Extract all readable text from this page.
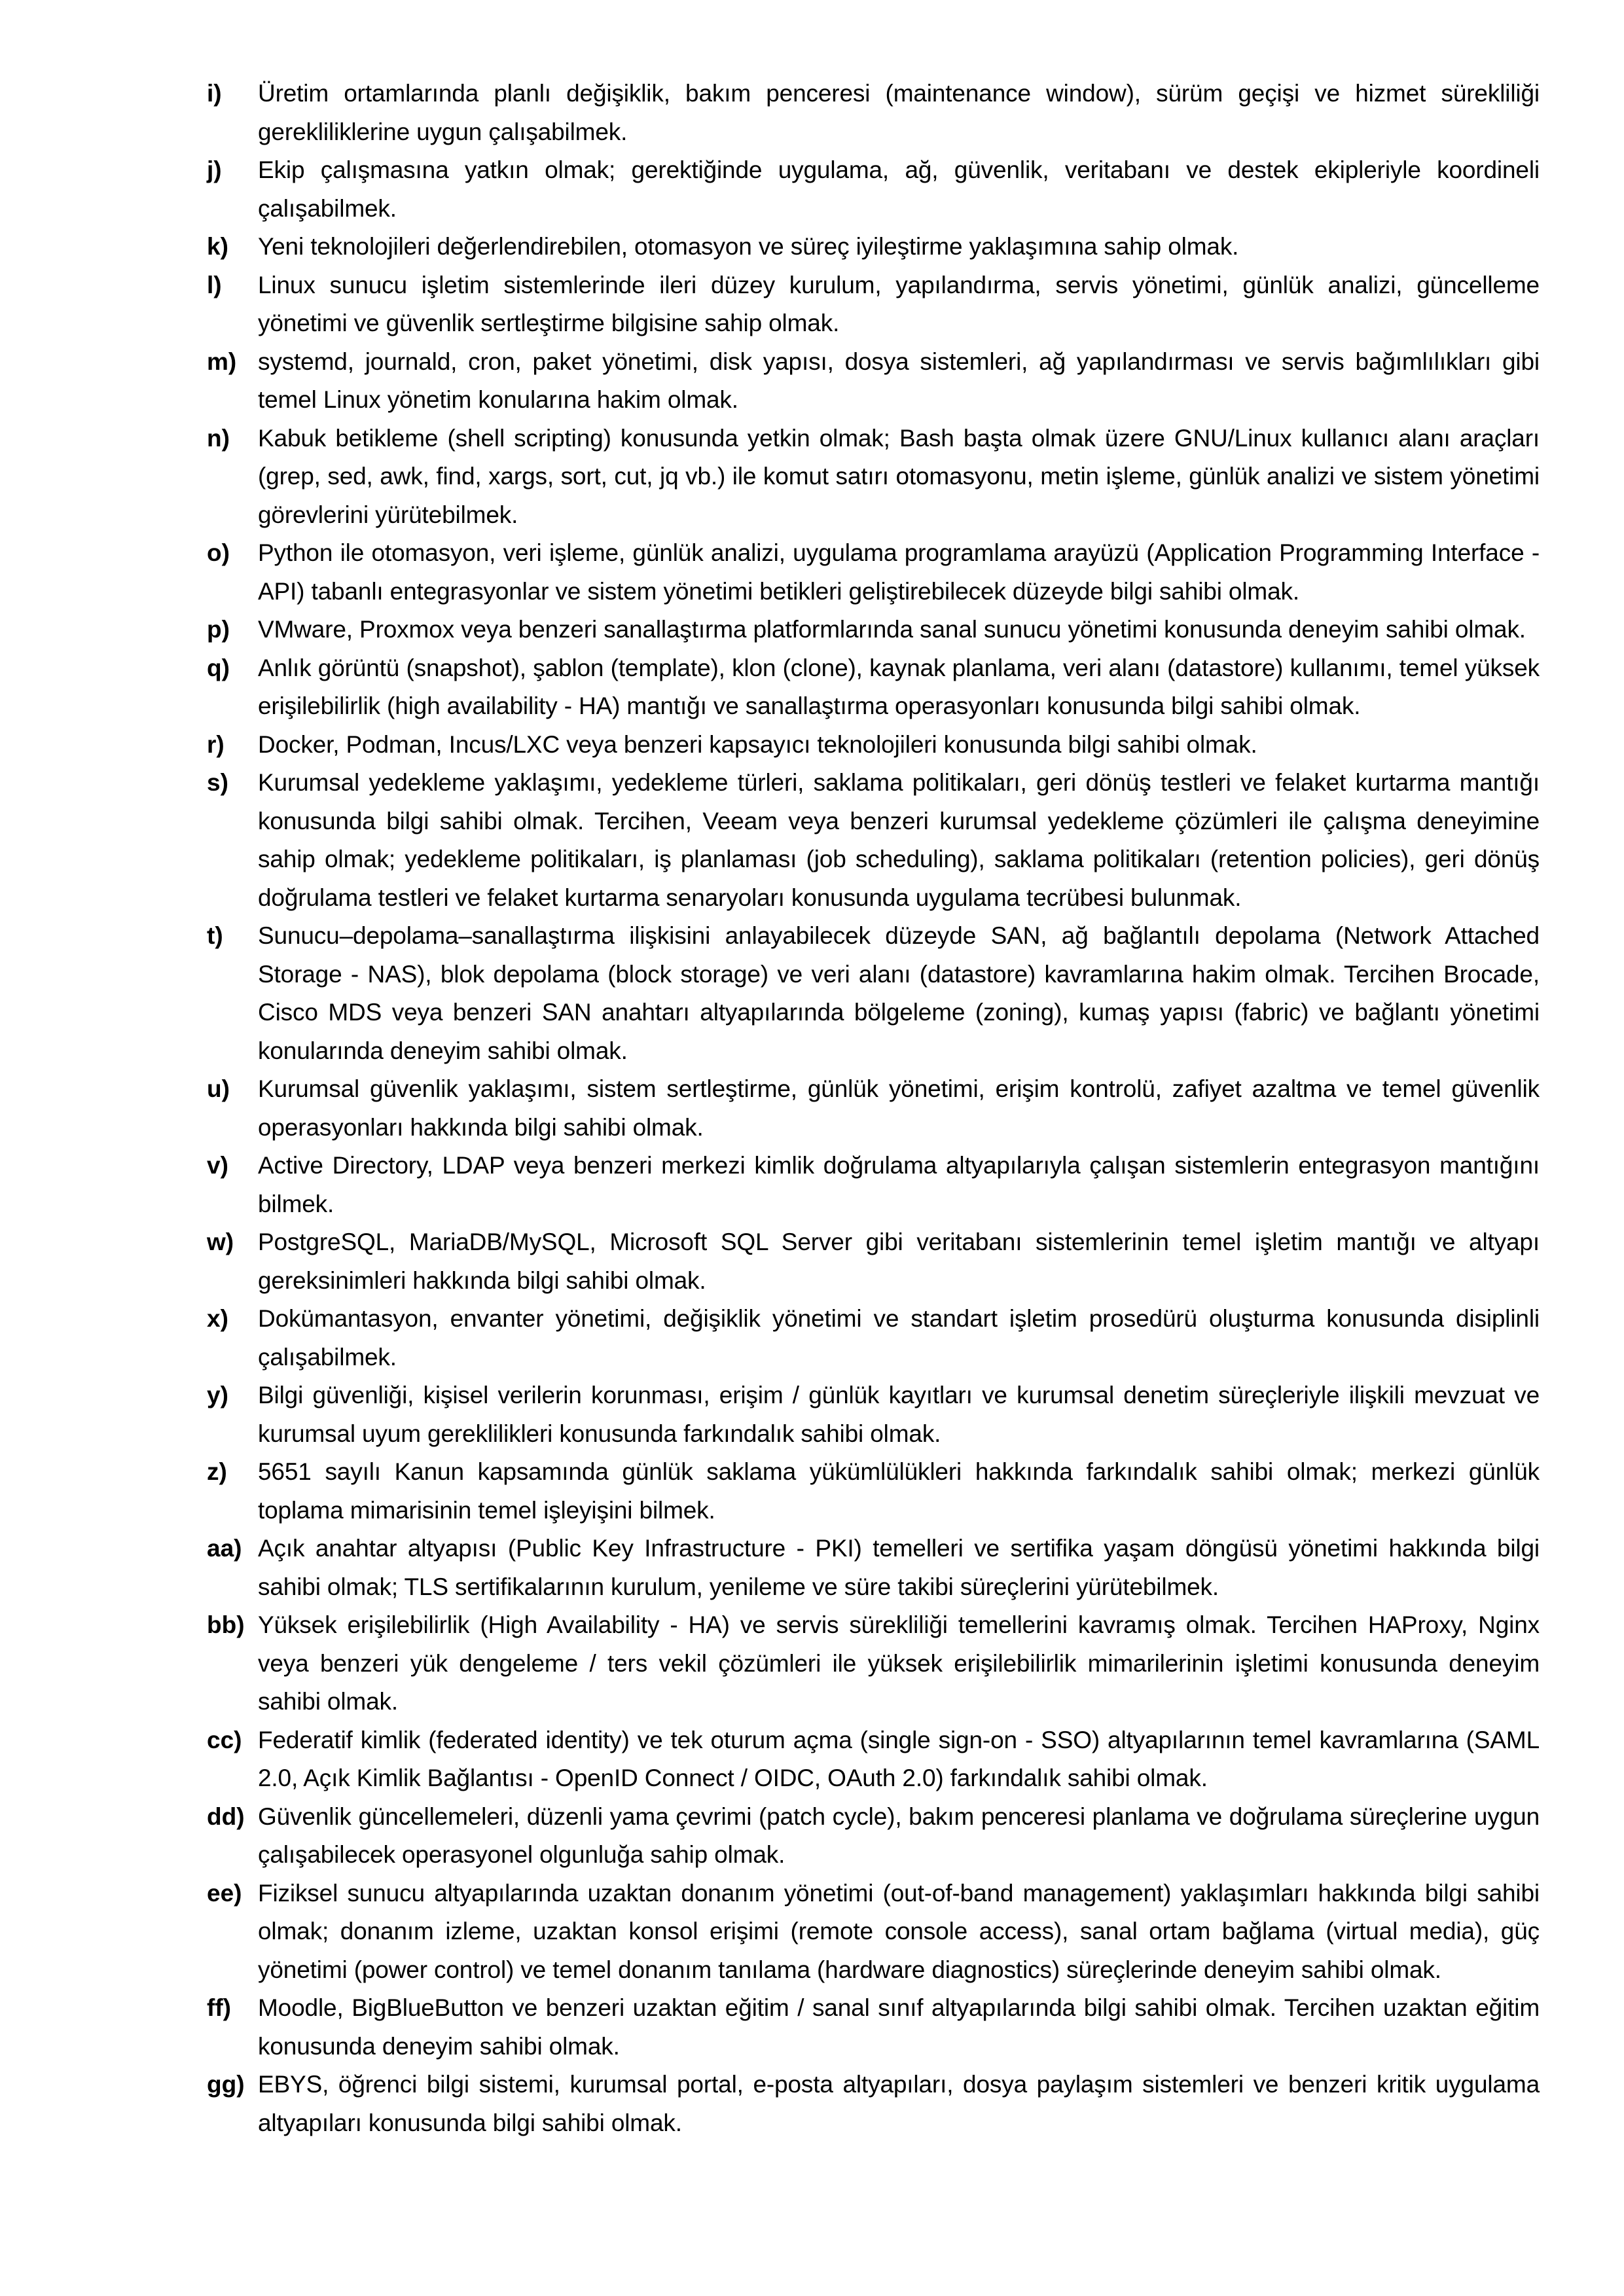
i)	Üretim ortamlarında planlı değişiklik, bakım penceresi (maintenance window), sürüm geçişi ve hizmet sürekliliği gerekliliklerine uygun çalışabilmek.
j)	Ekip çalışmasına yatkın olmak; gerektiğinde uygulama, ağ, güvenlik, veritabanı ve destek ekipleriyle koordineli çalışabilmek.
k)	Yeni teknolojileri değerlendirebilen, otomasyon ve süreç iyileştirme yaklaşımına sahip olmak.
l)	Linux sunucu işletim sistemlerinde ileri düzey kurulum, yapılandırma, servis yönetimi, günlük analizi, güncelleme yönetimi ve güvenlik sertleştirme bilgisine sahip olmak.
m) systemd, journald, cron, paket yönetimi, disk yapısı, dosya sistemleri, ağ yapılandırması ve servis bağımlılıkları gibi temel Linux yönetim konularına hakim olmak.
n)	Kabuk betikleme (shell scripting) konusunda yetkin olmak; Bash başta olmak üzere GNU/Linux kullanıcı alanı araçları (grep, sed, awk, find, xargs, sort, cut, jq vb.) ile komut satırı otomasyonu, metin işleme, günlük analizi ve sistem yönetimi görevlerini yürütebilmek.
o)	Python ile otomasyon, veri işleme, günlük analizi, uygulama programlama arayüzü (Application Programming Interface - API) tabanlı entegrasyonlar ve sistem yönetimi betikleri geliştirebilecek düzeyde bilgi sahibi olmak.
p)	VMware, Proxmox veya benzeri sanallaştırma platformlarında sanal sunucu yönetimi konusunda deneyim sahibi olmak.
q)	Anlık görüntü (snapshot), şablon (template), klon (clone), kaynak planlama, veri alanı (datastore) kullanımı, temel yüksek erişilebilirlik (high availability - HA) mantığı ve sanallaştırma operasyonları konusunda bilgi sahibi olmak.
r)	Docker, Podman, Incus/LXC veya benzeri kapsayıcı teknolojileri konusunda bilgi sahibi olmak.
s)	Kurumsal yedekleme yaklaşımı, yedekleme türleri, saklama politikaları, geri dönüş testleri ve felaket kurtarma mantığı konusunda bilgi sahibi olmak. Tercihen, Veeam veya benzeri kurumsal yedekleme çözümleri ile çalışma deneyimine sahip olmak; yedekleme politikaları, iş planlaması (job scheduling), saklama politikaları (retention policies), geri dönüş doğrulama testleri ve felaket kurtarma senaryoları konusunda uygulama tecrübesi bulunmak.
t)	Sunucu–depolama–sanallaştırma ilişkisini anlayabilecek düzeyde SAN, ağ bağlantılı depolama (Network Attached Storage - NAS), blok depolama (block storage) ve veri alanı (datastore) kavramlarına hakim olmak. Tercihen Brocade, Cisco MDS veya benzeri SAN anahtarı altyapılarında bölgeleme (zoning), kumaş yapısı (fabric) ve bağlantı yönetimi konularında deneyim sahibi olmak.
u)	Kurumsal güvenlik yaklaşımı, sistem sertleştirme, günlük yönetimi, erişim kontrolü, zafiyet azaltma ve temel güvenlik operasyonları hakkında bilgi sahibi olmak.
v)	Active Directory, LDAP veya benzeri merkezi kimlik doğrulama altyapılarıyla çalışan sistemlerin entegrasyon mantığını bilmek.
w) PostgreSQL, MariaDB/MySQL, Microsoft SQL Server gibi veritabanı sistemlerinin temel işletim mantığı ve altyapı gereksinimleri hakkında bilgi sahibi olmak.
x)	Dokümantasyon, envanter yönetimi, değişiklik yönetimi ve standart işletim prosedürü oluşturma konusunda disiplinli çalışabilmek.
y)	Bilgi güvenliği, kişisel verilerin korunması, erişim / günlük kayıtları ve kurumsal denetim süreçleriyle ilişkili mevzuat ve kurumsal uyum gereklilikleri konusunda farkındalık sahibi olmak.
z)	5651 sayılı Kanun kapsamında günlük saklama yükümlülükleri hakkında farkındalık sahibi olmak; merkezi günlük toplama mimarisinin temel işleyişini bilmek.
aa) Açık anahtar altyapısı (Public Key Infrastructure - PKI) temelleri ve sertifika yaşam döngüsü yönetimi hakkında bilgi sahibi olmak; TLS sertifikalarının kurulum, yenileme ve süre takibi süreçlerini yürütebilmek.
bb) Yüksek erişilebilirlik (High Availability - HA) ve servis sürekliliği temellerini kavramış olmak. Tercihen HAProxy, Nginx veya benzeri yük dengeleme / ters vekil çözümleri ile yüksek erişilebilirlik mimarilerinin işletimi konusunda deneyim sahibi olmak.
cc) Federatif kimlik (federated identity) ve tek oturum açma (single sign-on - SSO) altyapılarının temel kavramlarına (SAML 2.0, Açık Kimlik Bağlantısı - OpenID Connect / OIDC, OAuth 2.0) farkındalık sahibi olmak.
dd) Güvenlik güncellemeleri, düzenli yama çevrimi (patch cycle), bakım penceresi planlama ve doğrulama süreçlerine uygun çalışabilecek operasyonel olgunluğa sahip olmak.
ee) Fiziksel sunucu altyapılarında uzaktan donanım yönetimi (out-of-band management) yaklaşımları hakkında bilgi sahibi olmak; donanım izleme, uzaktan konsol erişimi (remote console access), sanal ortam bağlama (virtual media), güç yönetimi (power control) ve temel donanım tanılama (hardware diagnostics) süreçlerinde deneyim sahibi olmak.
ff)	Moodle, BigBlueButton ve benzeri uzaktan eğitim / sanal sınıf altyapılarında bilgi sahibi olmak. Tercihen uzaktan eğitim konusunda deneyim sahibi olmak.
gg) EBYS, öğrenci bilgi sistemi, kurumsal portal, e-posta altyapıları, dosya paylaşım sistemleri ve benzeri kritik uygulama altyapıları konusunda bilgi sahibi olmak.
